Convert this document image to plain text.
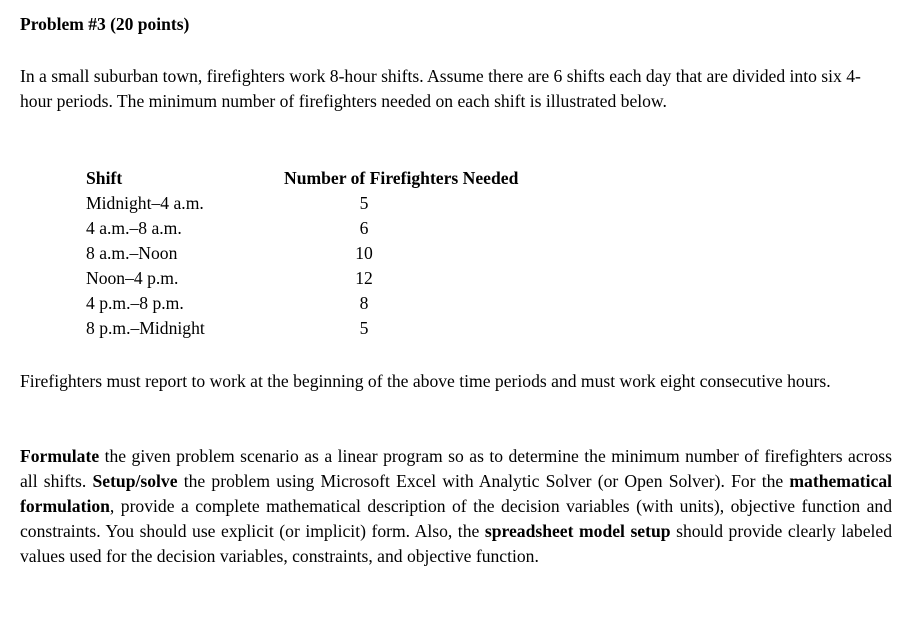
Problem #3 (20 points)

In a small suburban town, firefighters work 8-hour shifts. Assume there are 6 shifts each day that are divided into six 4-hour periods. The minimum number of firefighters needed on each shift is illustrated below.

Shift	Number of Firefighters Needed
Midnight–4 a.m.	5
4 a.m.–8 a.m.	6
8 a.m.–Noon	10
Noon–4 p.m.	12
4 p.m.–8 p.m.	8
8 p.m.–Midnight	5

Firefighters must report to work at the beginning of the above time periods and must work eight consecutive hours.

Formulate the given problem scenario as a linear program so as to determine the minimum number of firefighters across all shifts. Setup/solve the problem using Microsoft Excel with Analytic Solver (or Open Solver). For the mathematical formulation, provide a complete mathematical description of the decision variables (with units), objective function and constraints. You should use explicit (or implicit) form. Also, the spreadsheet model setup should provide clearly labeled values used for the decision variables, constraints, and objective function.
